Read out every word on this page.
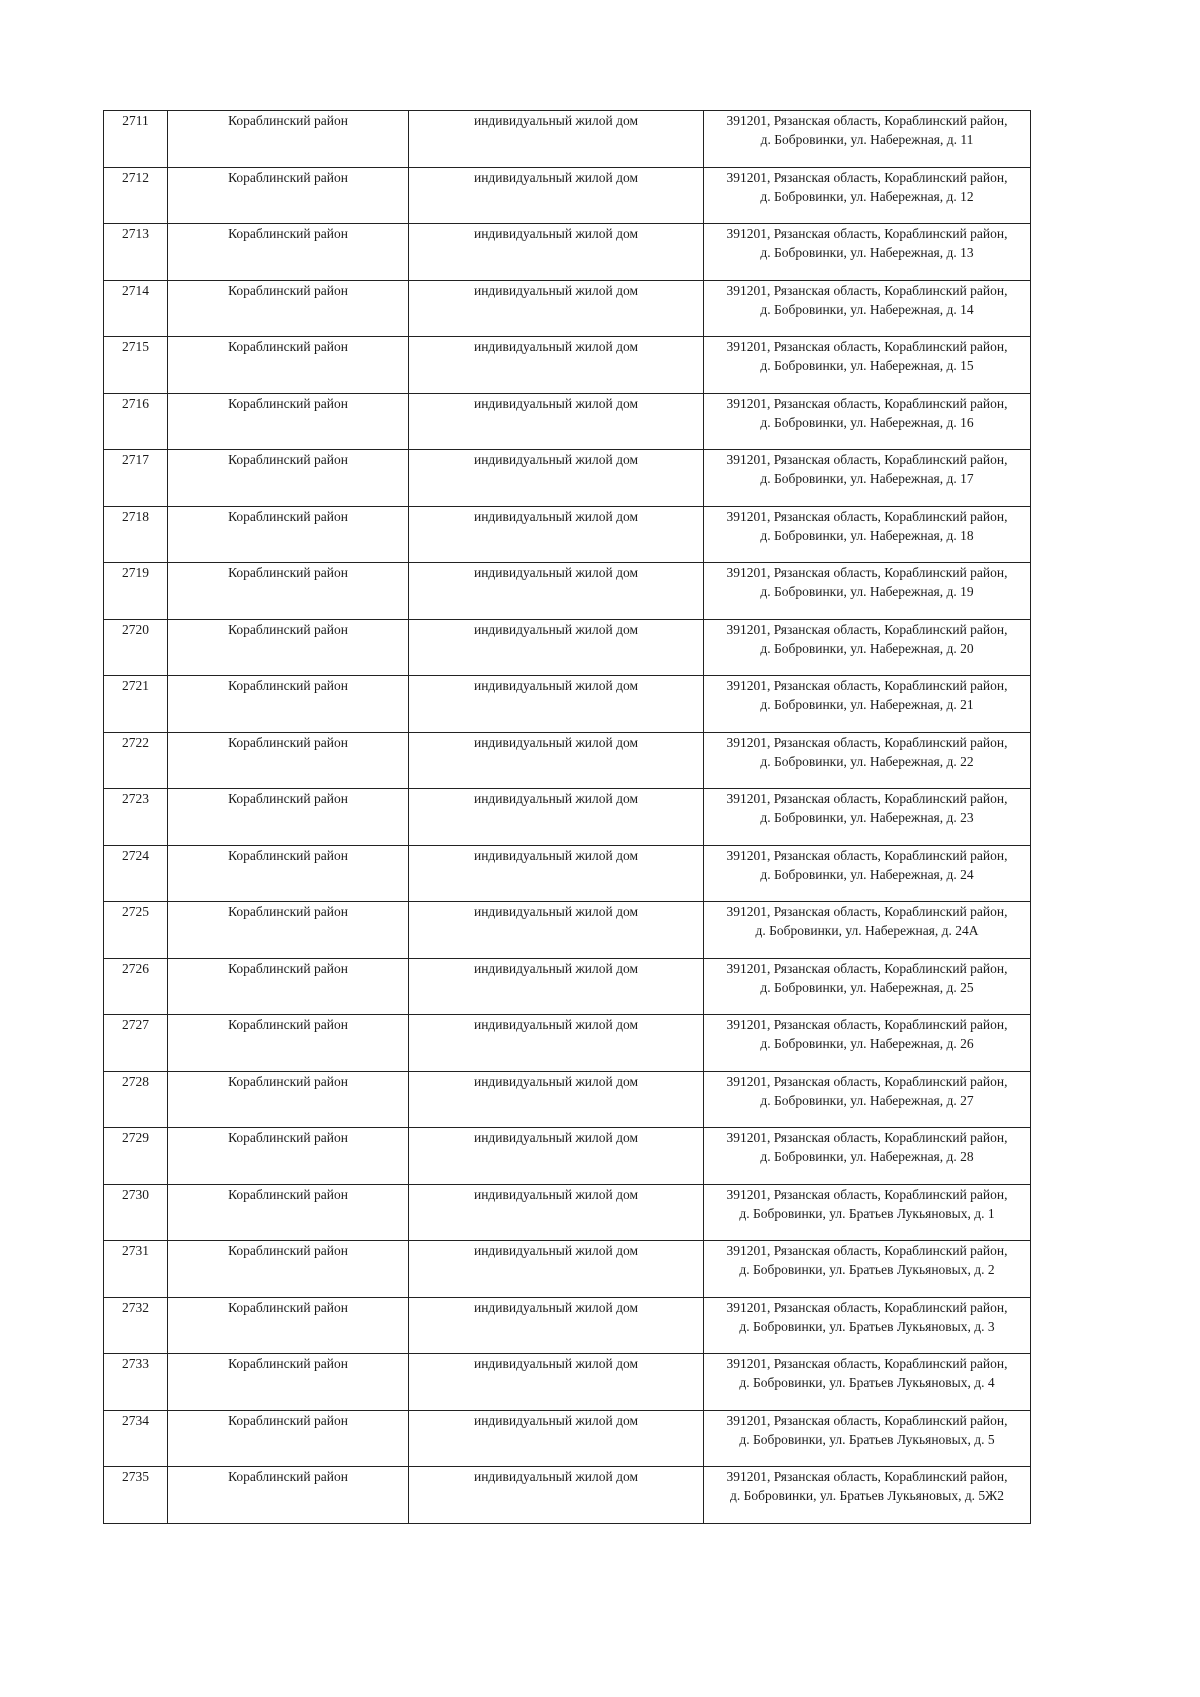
2711	Кораблинский район	индивидуальный жилой дом	391201, Рязанская область, Кораблинский район,
д. Бобровинки, ул. Набережная, д. 11

2712	Кораблинский район	индивидуальный жилой дом	391201, Рязанская область, Кораблинский район,
д. Бобровинки, ул. Набережная, д. 12

2713	Кораблинский район	индивидуальный жилой дом	391201, Рязанская область, Кораблинский район,
д. Бобровинки, ул. Набережная, д. 13

2714	Кораблинский район	индивидуальный жилой дом	391201, Рязанская область, Кораблинский район,
д. Бобровинки, ул. Набережная, д. 14

2715	Кораблинский район	индивидуальный жилой дом	391201, Рязанская область, Кораблинский район,
д. Бобровинки, ул. Набережная, д. 15

2716	Кораблинский район	индивидуальный жилой дом	391201, Рязанская область, Кораблинский район,
д. Бобровинки, ул. Набережная, д. 16

2717	Кораблинский район	индивидуальный жилой дом	391201, Рязанская область, Кораблинский район,
д. Бобровинки, ул. Набережная, д. 17

2718	Кораблинский район	индивидуальный жилой дом	391201, Рязанская область, Кораблинский район,
д. Бобровинки, ул. Набережная, д. 18

2719	Кораблинский район	индивидуальный жилой дом	391201, Рязанская область, Кораблинский район,
д. Бобровинки, ул. Набережная, д. 19

2720	Кораблинский район	индивидуальный жилой дом	391201, Рязанская область, Кораблинский район,
д. Бобровинки, ул. Набережная, д. 20

2721	Кораблинский район	индивидуальный жилой дом	391201, Рязанская область, Кораблинский район,
д. Бобровинки, ул. Набережная, д. 21

2722	Кораблинский район	индивидуальный жилой дом	391201, Рязанская область, Кораблинский район,
д. Бобровинки, ул. Набережная, д. 22

2723	Кораблинский район	индивидуальный жилой дом	391201, Рязанская область, Кораблинский район,
д. Бобровинки, ул. Набережная, д. 23

2724	Кораблинский район	индивидуальный жилой дом	391201, Рязанская область, Кораблинский район,
д. Бобровинки, ул. Набережная, д. 24

2725	Кораблинский район	индивидуальный жилой дом	391201, Рязанская область, Кораблинский район,
д. Бобровинки, ул. Набережная, д. 24А

2726	Кораблинский район	индивидуальный жилой дом	391201, Рязанская область, Кораблинский район,
д. Бобровинки, ул. Набережная, д. 25

2727	Кораблинский район	индивидуальный жилой дом	391201, Рязанская область, Кораблинский район,
д. Бобровинки, ул. Набережная, д. 26

2728	Кораблинский район	индивидуальный жилой дом	391201, Рязанская область, Кораблинский район,
д. Бобровинки, ул. Набережная, д. 27

2729	Кораблинский район	индивидуальный жилой дом	391201, Рязанская область, Кораблинский район,
д. Бобровинки, ул. Набережная, д. 28

2730	Кораблинский район	индивидуальный жилой дом	391201, Рязанская область, Кораблинский район,
д. Бобровинки, ул. Братьев Лукьяновых, д. 1

2731	Кораблинский район	индивидуальный жилой дом	391201, Рязанская область, Кораблинский район,
д. Бобровинки, ул. Братьев Лукьяновых, д. 2

2732	Кораблинский район	индивидуальный жилой дом	391201, Рязанская область, Кораблинский район,
д. Бобровинки, ул. Братьев Лукьяновых, д. 3

2733	Кораблинский район	индивидуальный жилой дом	391201, Рязанская область, Кораблинский район,
д. Бобровинки, ул. Братьев Лукьяновых, д. 4

2734	Кораблинский район	индивидуальный жилой дом	391201, Рязанская область, Кораблинский район,
д. Бобровинки, ул. Братьев Лукьяновых, д. 5

2735	Кораблинский район	индивидуальный жилой дом	391201, Рязанская область, Кораблинский район,
д. Бобровинки, ул. Братьев Лукьяновых, д. 5Ж2
